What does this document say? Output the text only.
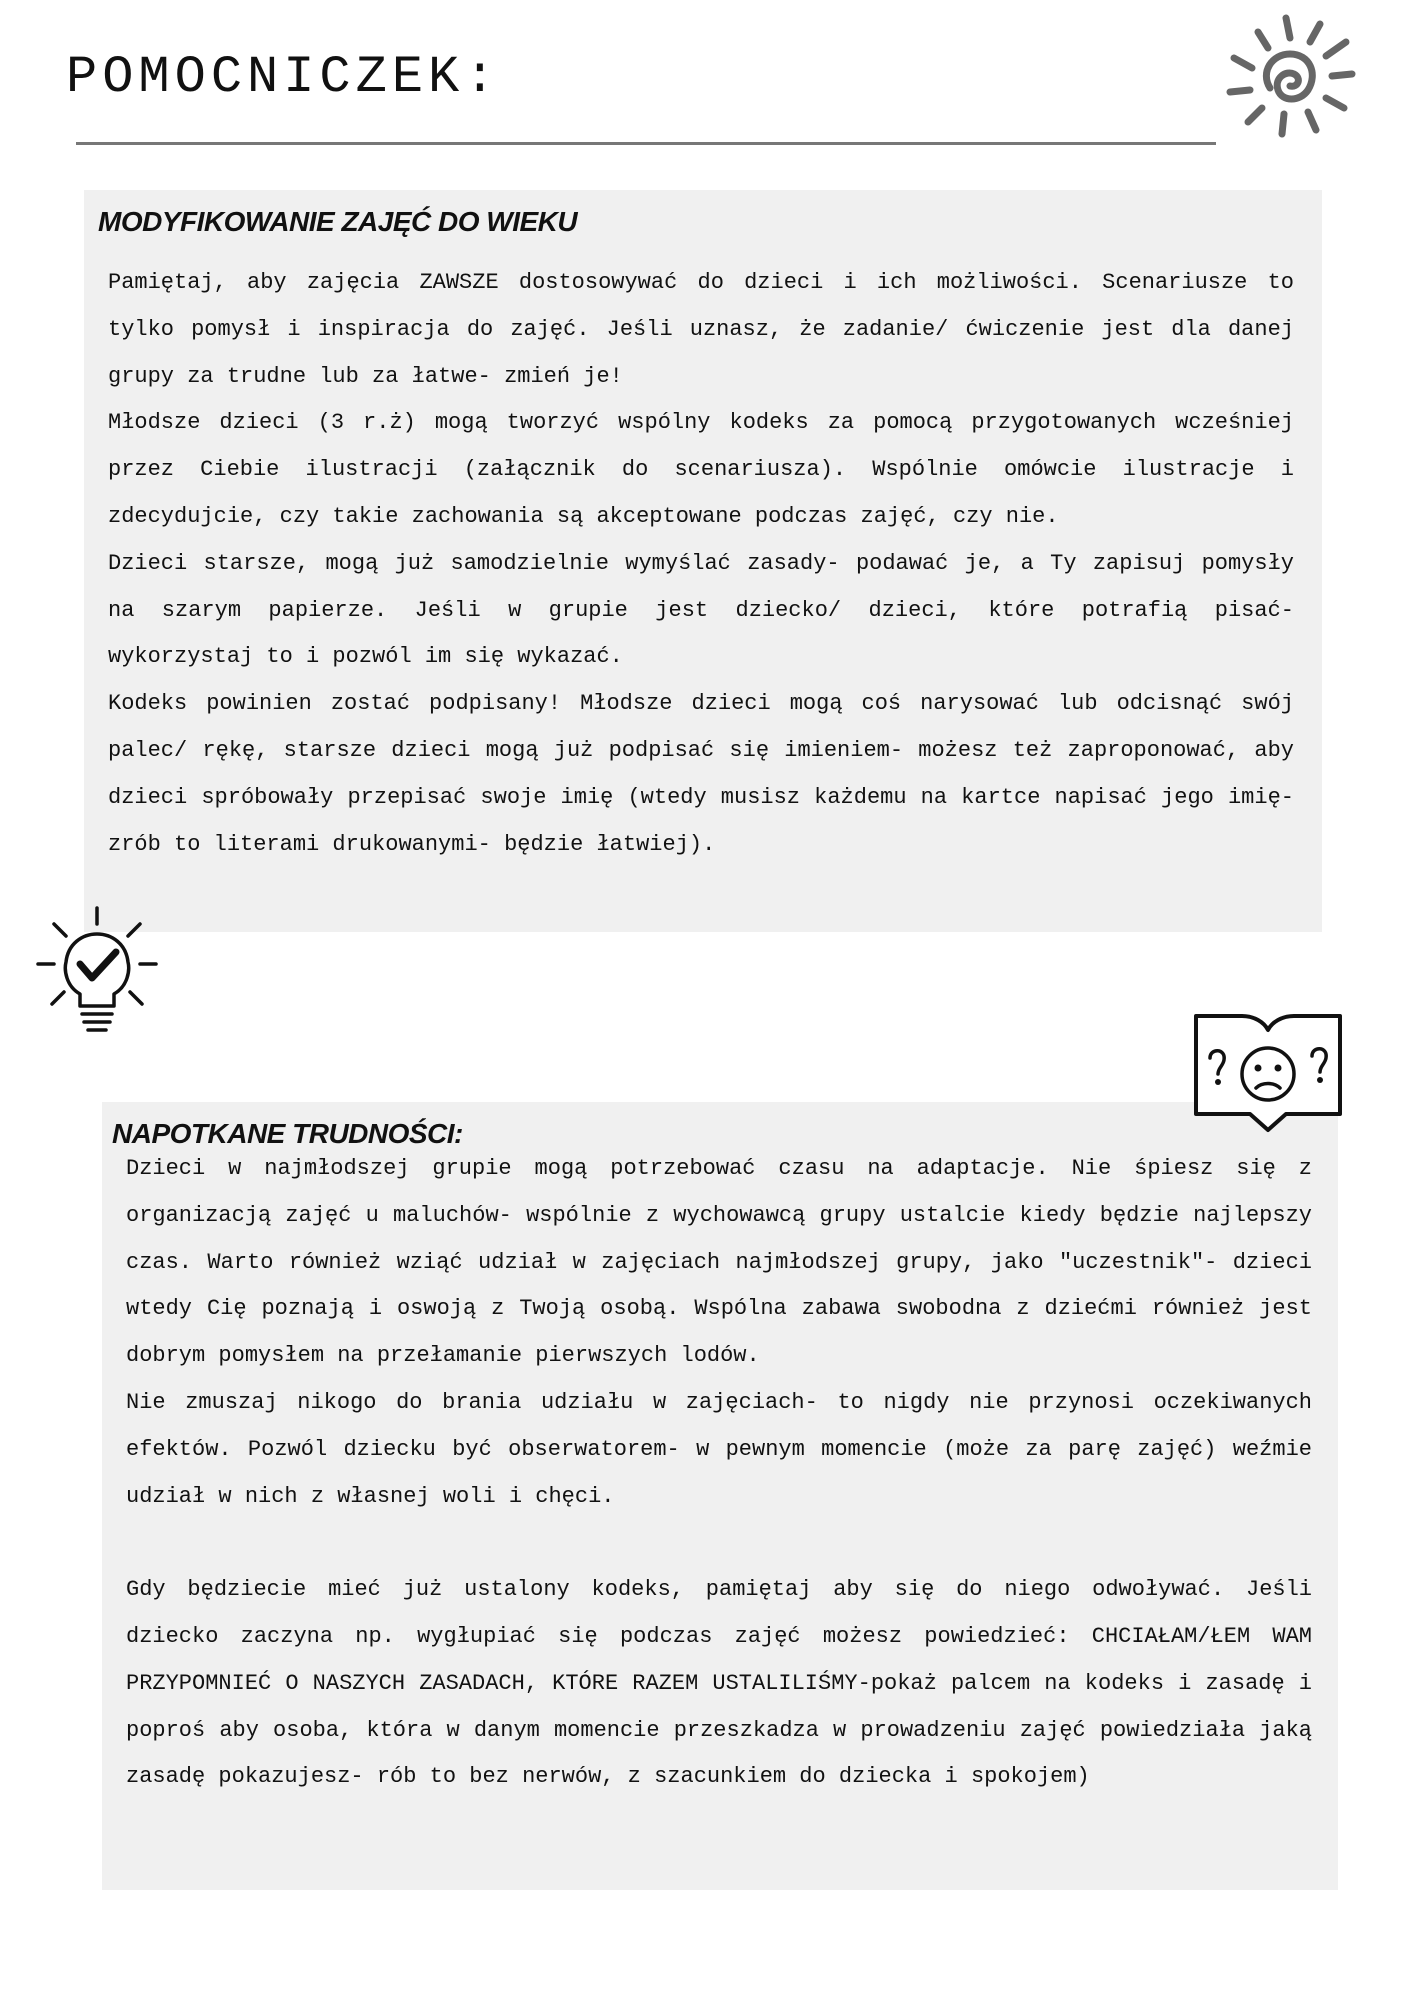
POMOCNICZEK:
MODYFIKOWANIE ZAJĘĆ DO WIEKU

Pamiętaj, aby zajęcia ZAWSZE dostosowywać do dzieci i ich możliwości. Scenariusze to tylko pomysł i inspiracja do zajęć. Jeśli uznasz, że zadanie/ ćwiczenie jest dla danej grupy za trudne lub za łatwe- zmień je!

Młodsze dzieci (3 r.ż) mogą tworzyć wspólny kodeks za pomocą przygotowanych wcześniej przez Ciebie ilustracji (załącznik do scenariusza). Wspólnie omówcie ilustracje i zdecydujcie, czy takie zachowania są akceptowane podczas zajęć, czy nie.

Dzieci starsze, mogą już samodzielnie wymyślać zasady- podawać je, a Ty zapisuj pomysły na szarym papierze. Jeśli w grupie jest dziecko/ dzieci, które potrafią pisać- wykorzystaj to i pozwól im się wykazać.

Kodeks powinien zostać podpisany! Młodsze dzieci mogą coś narysować lub odcisnąć swój palec/ rękę, starsze dzieci mogą już podpisać się imieniem- możesz też zaproponować, aby dzieci spróbowały przepisać swoje imię (wtedy musisz każdemu na kartce napisać jego imię- zrób to literami drukowanymi- będzie łatwiej).

NAPOTKANE TRUDNOŚCI:

Dzieci w najmłodszej grupie mogą potrzebować czasu na adaptacje. Nie śpiesz się z organizacją zajęć u maluchów- wspólnie z wychowawcą grupy ustalcie kiedy będzie najlepszy czas. Warto również wziąć udział w zajęciach najmłodszej grupy, jako "uczestnik"- dzieci wtedy Cię poznają i oswoją z Twoją osobą. Wspólna zabawa swobodna z dziećmi również jest dobrym pomysłem na przełamanie pierwszych lodów.

Nie zmuszaj nikogo do brania udziału w zajęciach- to nigdy nie przynosi oczekiwanych efektów. Pozwól dziecku być obserwatorem- w pewnym momencie (może za parę zajęć) weźmie udział w nich z własnej woli i chęci.

Gdy będziecie mieć już ustalony kodeks, pamiętaj aby się do niego odwoływać. Jeśli dziecko zaczyna np. wygłupiać się podczas zajęć możesz powiedzieć: CHCIAŁAM/ŁEM WAM PRZYPOMNIEĆ O NASZYCH ZASADACH, KTÓRE RAZEM USTALILIŚMY-pokaż palcem na kodeks i zasadę i poproś aby osoba, która w danym momencie przeszkadza w prowadzeniu zajęć powiedziała jaką zasadę pokazujesz- rób to bez nerwów, z szacunkiem do dziecka i spokojem)
